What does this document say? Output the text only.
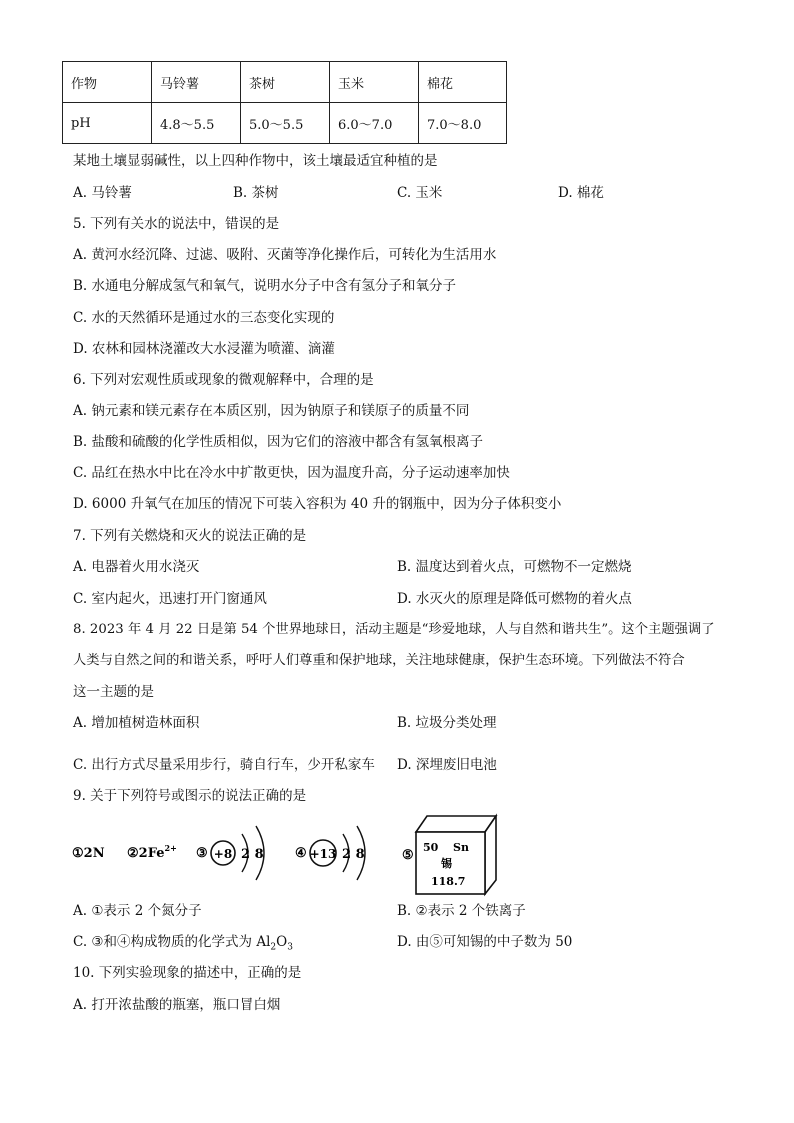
作物	马铃薯	茶树	玉米	棉花
pH	4.8～5.5	5.0～5.5	6.0～7.0	7.0～8.0
某地土壤显弱碱性，以上四种作物中，该土壤最适宜种植的是
A. 马铃薯	B. 茶树	C. 玉米	D. 棉花
5. 下列有关水的说法中，错误的是
A. 黄河水经沉降、过滤、吸附、灭菌等净化操作后，可转化为生活用水
B. 水通电分解成氢气和氧气，说明水分子中含有氢分子和氧分子
C. 水的天然循环是通过水的三态变化实现的
D. 农林和园林浇灌改大水浸灌为喷灌、滴灌
6. 下列对宏观性质或现象的微观解释中，合理的是
A. 钠元素和镁元素存在本质区别，因为钠原子和镁原子的质量不同
B. 盐酸和硫酸的化学性质相似，因为它们的溶液中都含有氢氧根离子
C. 品红在热水中比在冷水中扩散更快，因为温度升高，分子运动速率加快
D. 6000 升氧气在加压的情况下可装入容积为 40 升的钢瓶中，因为分子体积变小
7. 下列有关燃烧和灭火的说法正确的是
A. 电器着火用水浇灭	B. 温度达到着火点，可燃物不一定燃烧
C. 室内起火，迅速打开门窗通风	D. 水灭火的原理是降低可燃物的着火点
8. 2023 年 4 月 22 日是第 54 个世界地球日，活动主题是“珍爱地球，人与自然和谐共生”。这个主题强调了
人类与自然之间的和谐关系，呼吁人们尊重和保护地球，关注地球健康，保护生态环境。下列做法不符合
这一主题的是
A. 增加植树造林面积	B. 垃圾分类处理
C. 出行方式尽量采用步行，骑自行车，少开私家车 D. 深埋废旧电池
9. 关于下列符号或图示的说法正确的是
①2N $②2Fe^{2+}$ ③ +8 2 8 ④ +13 2 8	⑤
50 Sn
锡
118.7
A. ①表示 2 个氮分子	B. ②表示 2 个铁离子
C. ③和④构成物质的化学式为 $Al_2O_3$	D. 由⑤可知锡的中子数为 50
10. 下列实验现象的描述中，正确的是
A. 打开浓盐酸的瓶塞，瓶口冒白烟
